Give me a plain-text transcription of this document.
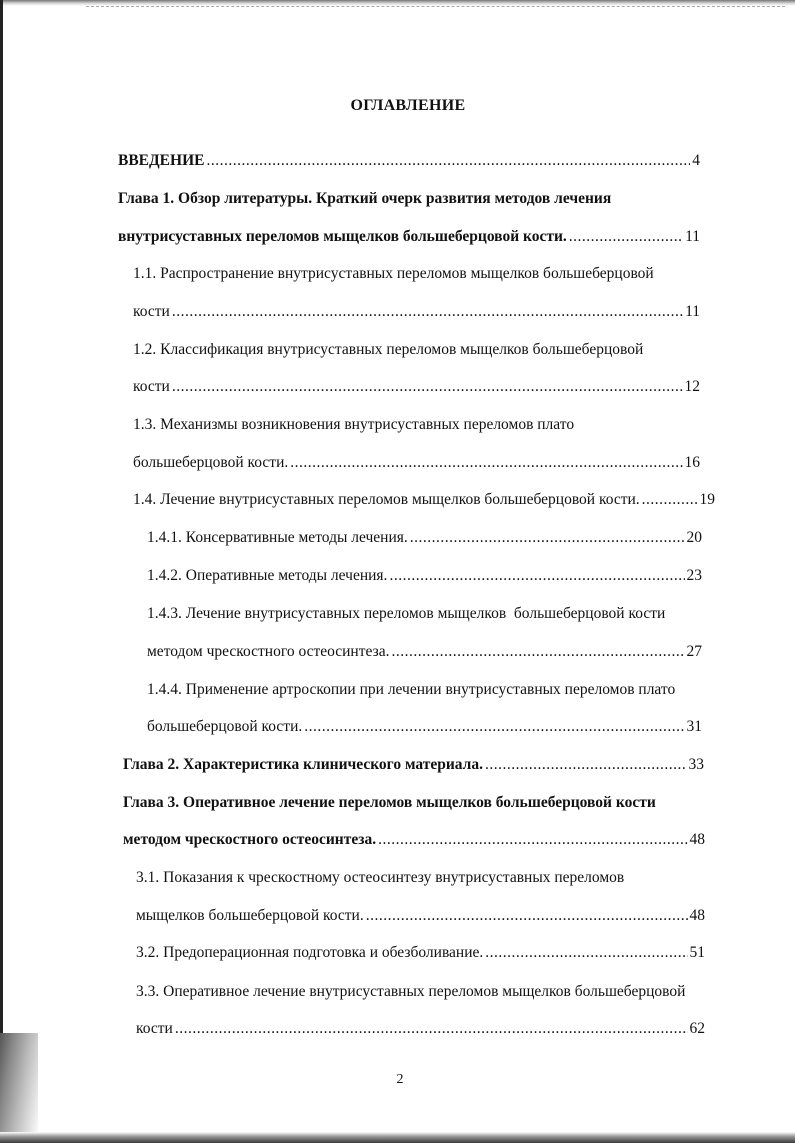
ОГЛАВЛЕНИЕ
ВВЕДЕНИЕ .....	4
Глава 1. Обзор литературы. Краткий очерк развития методов лечения
внутрисуставных переломов мыщелков большеберцовой кости. .....	11
1.1. Распространение внутрисуставных переломов мыщелков большеберцовой
кости .....	11
1.2. Классификация внутрисуставных переломов мыщелков большеберцовой
кости .....	12
1.3. Механизмы возникновения внутрисуставных переломов плато
большеберцовой кости. .....	16
1.4. Лечение внутрисуставных переломов мыщелков большеберцовой кости. .....	19
1.4.1. Консервативные методы лечения. .....	20
1.4.2. Оперативные методы лечения. .....	23
1.4.3. Лечение внутрисуставных переломов мыщелков  большеберцовой кости
методом чрескостного остеосинтеза. .....	27
1.4.4. Применение артроскопии при лечении внутрисуставных переломов плато
большеберцовой кости. .....	31
Глава 2. Характеристика клинического материала. .....	33
Глава 3. Оперативное лечение переломов мыщелков большеберцовой кости
методом чрескостного остеосинтеза. .....	48
3.1. Показания к чрескостному остеосинтезу внутрисуставных переломов
мыщелков большеберцовой кости. .....	48
3.2. Предоперационная подготовка и обезболивание. .....	51
3.3. Оперативное лечение внутрисуставных переломов мыщелков большеберцовой
кости .....	62
2
